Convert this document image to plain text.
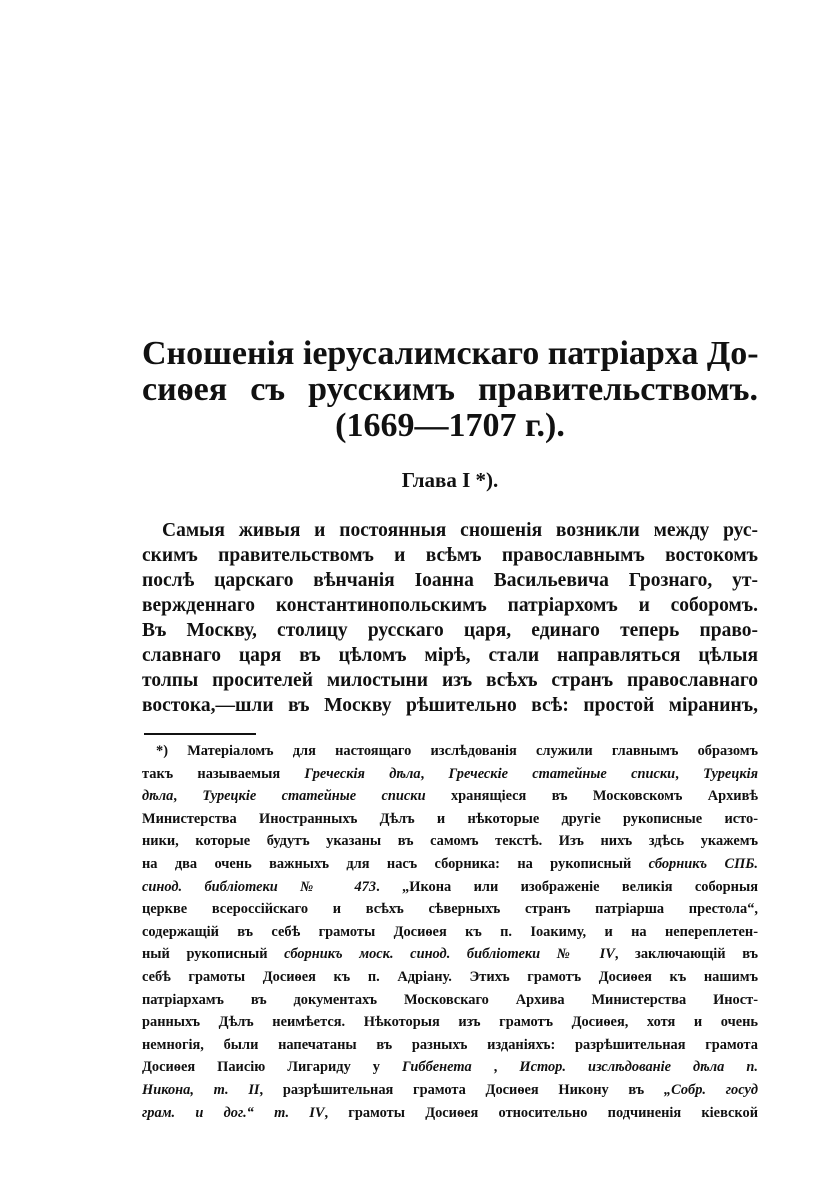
Сношенія іерусалимскаго патріарха До-
сиѳея съ русскимъ правительствомъ.
(1669—1707 г.).
Глава I *).
Самыя живыя и постоянныя сношенія возникли между рус-
скимъ правительствомъ и всѣмъ православнымъ востокомъ
послѣ царскаго вѣнчанія Іоанна Васильевича Грознаго, ут-
вержденнаго константинопольскимъ патріархомъ и соборомъ.
Въ Москву, столицу русскаго царя, единаго теперь право-
славнаго царя въ цѣломъ мірѣ, стали направляться цѣлыя
толпы просителей милостыни изъ всѣхъ странъ православнаго
востока,—шли въ Москву рѣшительно всѣ: простой міранинъ,
*) Матеріаломъ для настоящаго изслѣдованія служили главнымъ образомъ
такъ называемыя Греческія дѣла, Греческіе статейные списки, Турецкія
дѣла, Турецкіе статейные списки хранящіеся въ Московскомъ Архивѣ
Министерства Иностранныхъ Дѣлъ и нѣкоторые другіе рукописные исто-
ники, которые будутъ указаны въ самомъ текстѣ. Изъ нихъ здѣсь укажемъ
на два очень важныхъ для насъ сборника: на рукописный сборникъ СПБ.
синод. библіотеки № 473. „Икона или изображеніе великія соборныя
церкве всероссійскаго и всѣхъ сѣверныхъ странъ патріарша престола“,
содержащій въ себѣ грамоты Досиѳея къ п. Іоакиму, и на непереплетен-
ный рукописный сборникъ моск. синод. библіотеки № IV, заключающій въ
себѣ грамоты Досиѳея къ п. Адріану. Этихъ грамотъ Досиѳея къ нашимъ
патріархамъ въ документахъ Московскаго Архива Министерства Иност-
ранныхъ Дѣлъ неимѣется. Нѣкоторыя изъ грамотъ Досиѳея, хотя и очень
немногія, были напечатаны въ разныхъ изданіяхъ: разрѣшительная грамота
Досиѳея Паисію Лигариду у Гиббенета , Истор. изслѣдованіе дѣла п.
Никона, т. II, разрѣшительная грамота Досиѳея Никону въ „Собр. госуд
грам. и дог.“ т. IV, грамоты Досиѳея относительно подчиненія кіевской
